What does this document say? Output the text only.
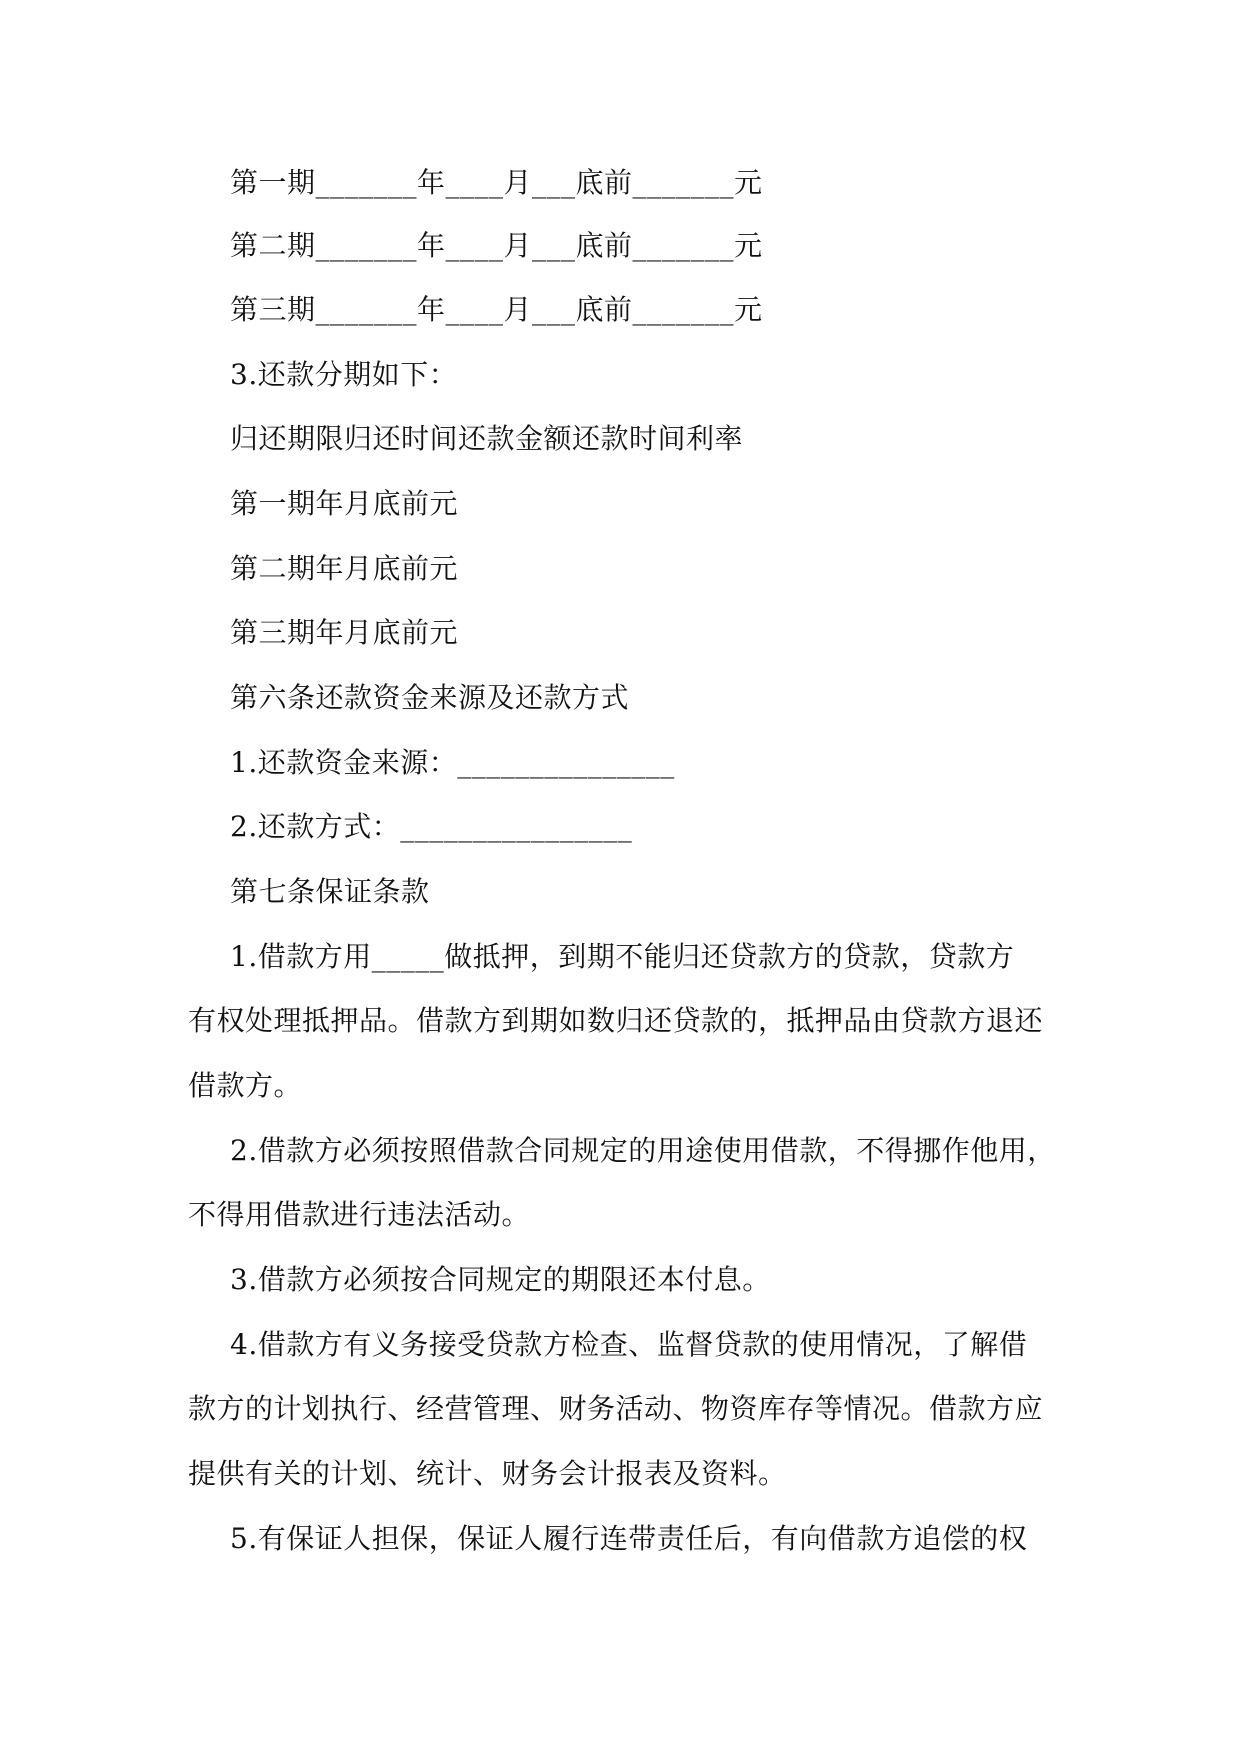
第一期_______年____月___底前_______元
第二期_______年____月___底前_______元
第三期_______年____月___底前_______元
3.还款分期如下：
归还期限归还时间还款金额还款时间利率
第一期年月底前元
第二期年月底前元
第三期年月底前元
第六条还款资金来源及还款方式
1.还款资金来源：_______________
2.还款方式：________________
第七条保证条款
1.借款方用_____做抵押，到期不能归还贷款方的贷款，贷款方
有权处理抵押品。借款方到期如数归还贷款的，抵押品由贷款方退还
借款方。
2.借款方必须按照借款合同规定的用途使用借款，不得挪作他用，
不得用借款进行违法活动。
3.借款方必须按合同规定的期限还本付息。
4.借款方有义务接受贷款方检查、监督贷款的使用情况，了解借
款方的计划执行、经营管理、财务活动、物资库存等情况。借款方应
提供有关的计划、统计、财务会计报表及资料。
5.有保证人担保，保证人履行连带责任后，有向借款方追偿的权
